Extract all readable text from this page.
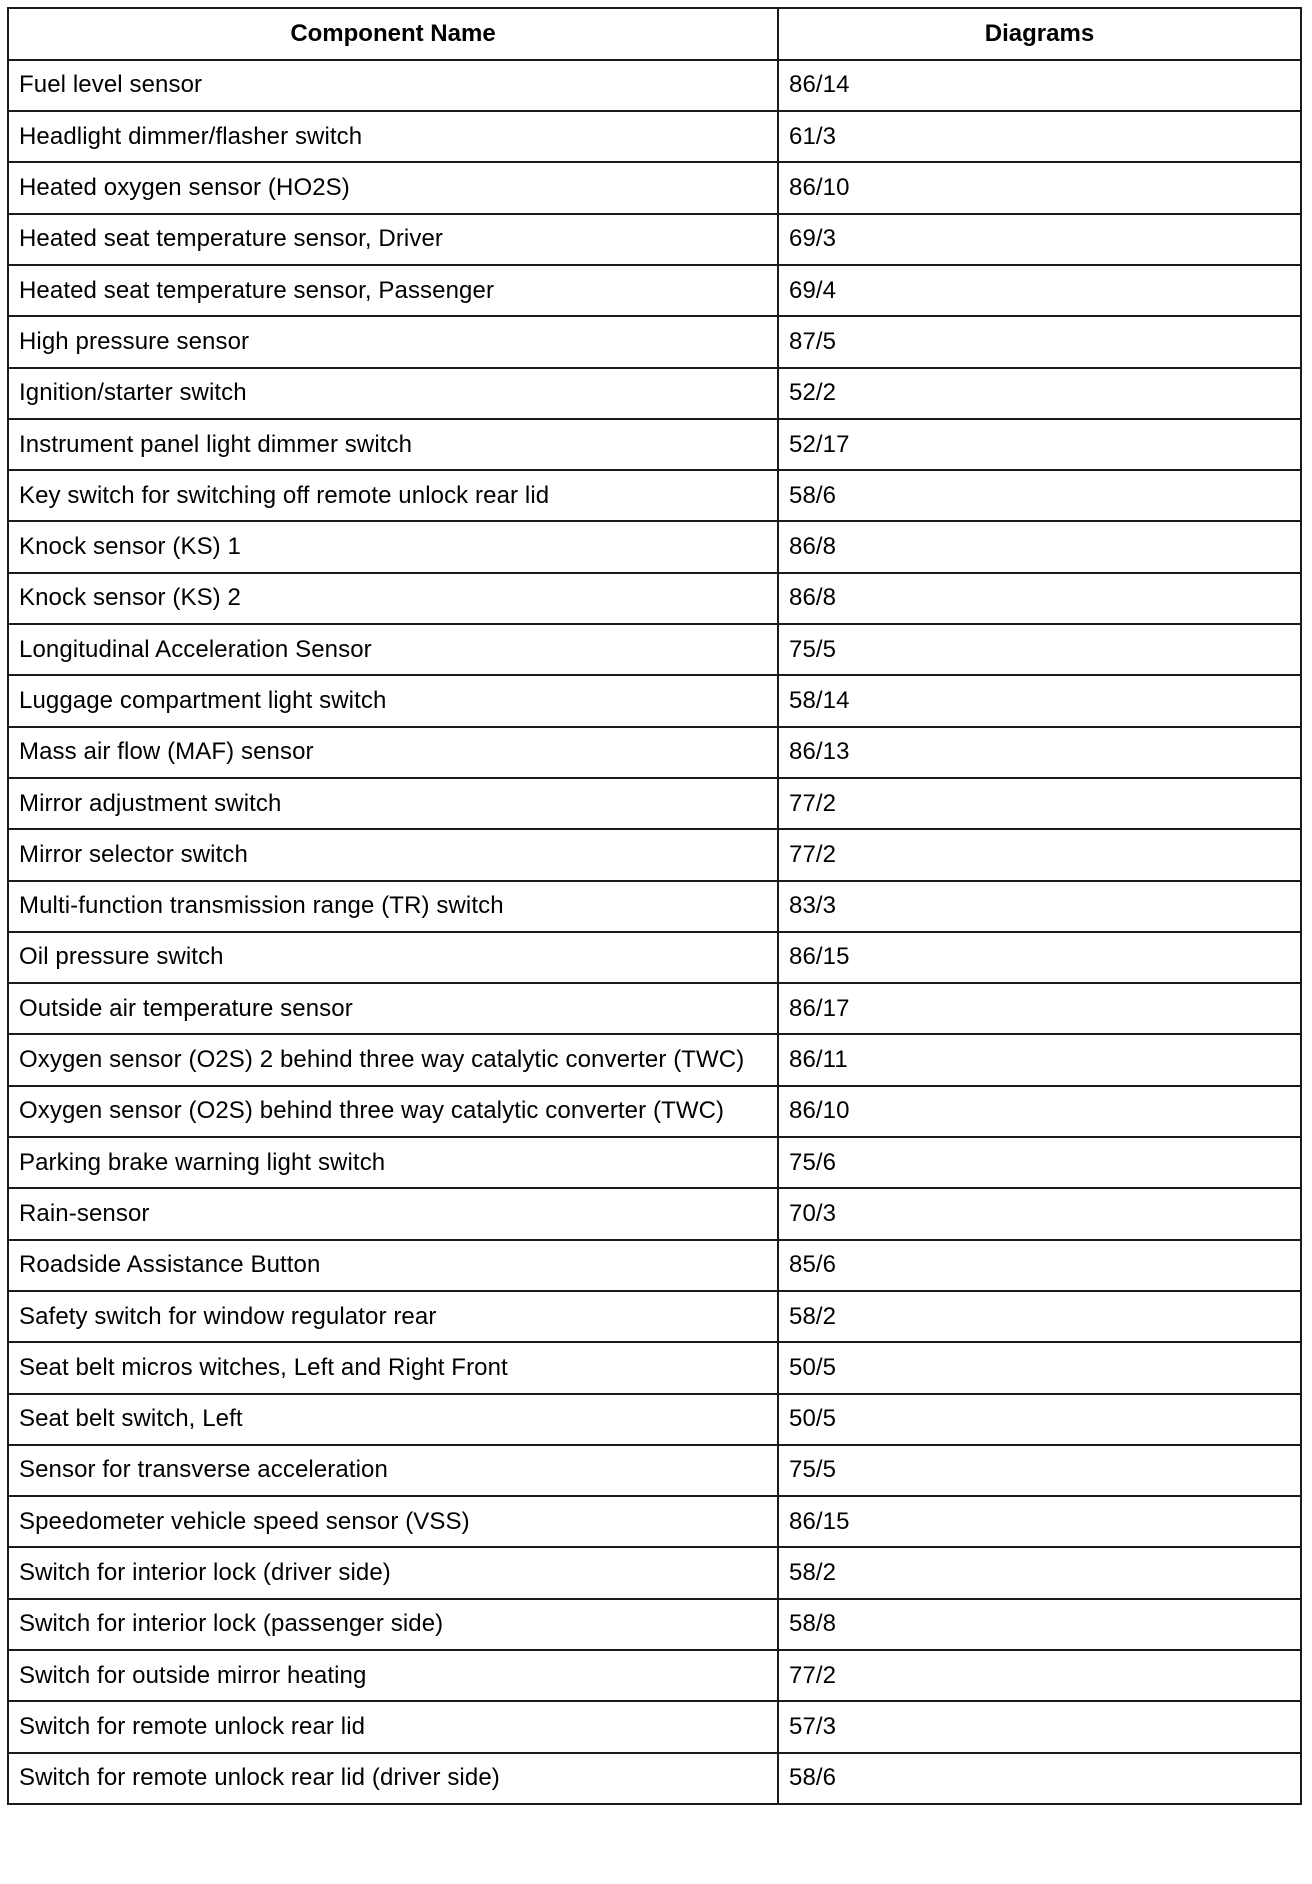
Component Name	Diagrams
Fuel level sensor	86/14
Headlight dimmer/flasher switch	61/3
Heated oxygen sensor (HO2S)	86/10
Heated seat temperature sensor, Driver	69/3
Heated seat temperature sensor, Passenger	69/4
High pressure sensor	87/5
Ignition/starter switch	52/2
Instrument panel light dimmer switch	52/17
Key switch for switching off remote unlock rear lid	58/6
Knock sensor (KS) 1	86/8
Knock sensor (KS) 2	86/8
Longitudinal Acceleration Sensor	75/5
Luggage compartment light switch	58/14
Mass air flow (MAF) sensor	86/13
Mirror adjustment switch	77/2
Mirror selector switch	77/2
Multi-function transmission range (TR) switch	83/3
Oil pressure switch	86/15
Outside air temperature sensor	86/17
Oxygen sensor (O2S) 2 behind three way catalytic converter (TWC)	86/11
Oxygen sensor (O2S) behind three way catalytic converter (TWC)	86/10
Parking brake warning light switch	75/6
Rain-sensor	70/3
Roadside Assistance Button	85/6
Safety switch for window regulator rear	58/2
Seat belt micros witches, Left and Right Front	50/5
Seat belt switch, Left	50/5
Sensor for transverse acceleration	75/5
Speedometer vehicle speed sensor (VSS)	86/15
Switch for interior lock (driver side)	58/2
Switch for interior lock (passenger side)	58/8
Switch for outside mirror heating	77/2
Switch for remote unlock rear lid	57/3
Switch for remote unlock rear lid (driver side)	58/6
